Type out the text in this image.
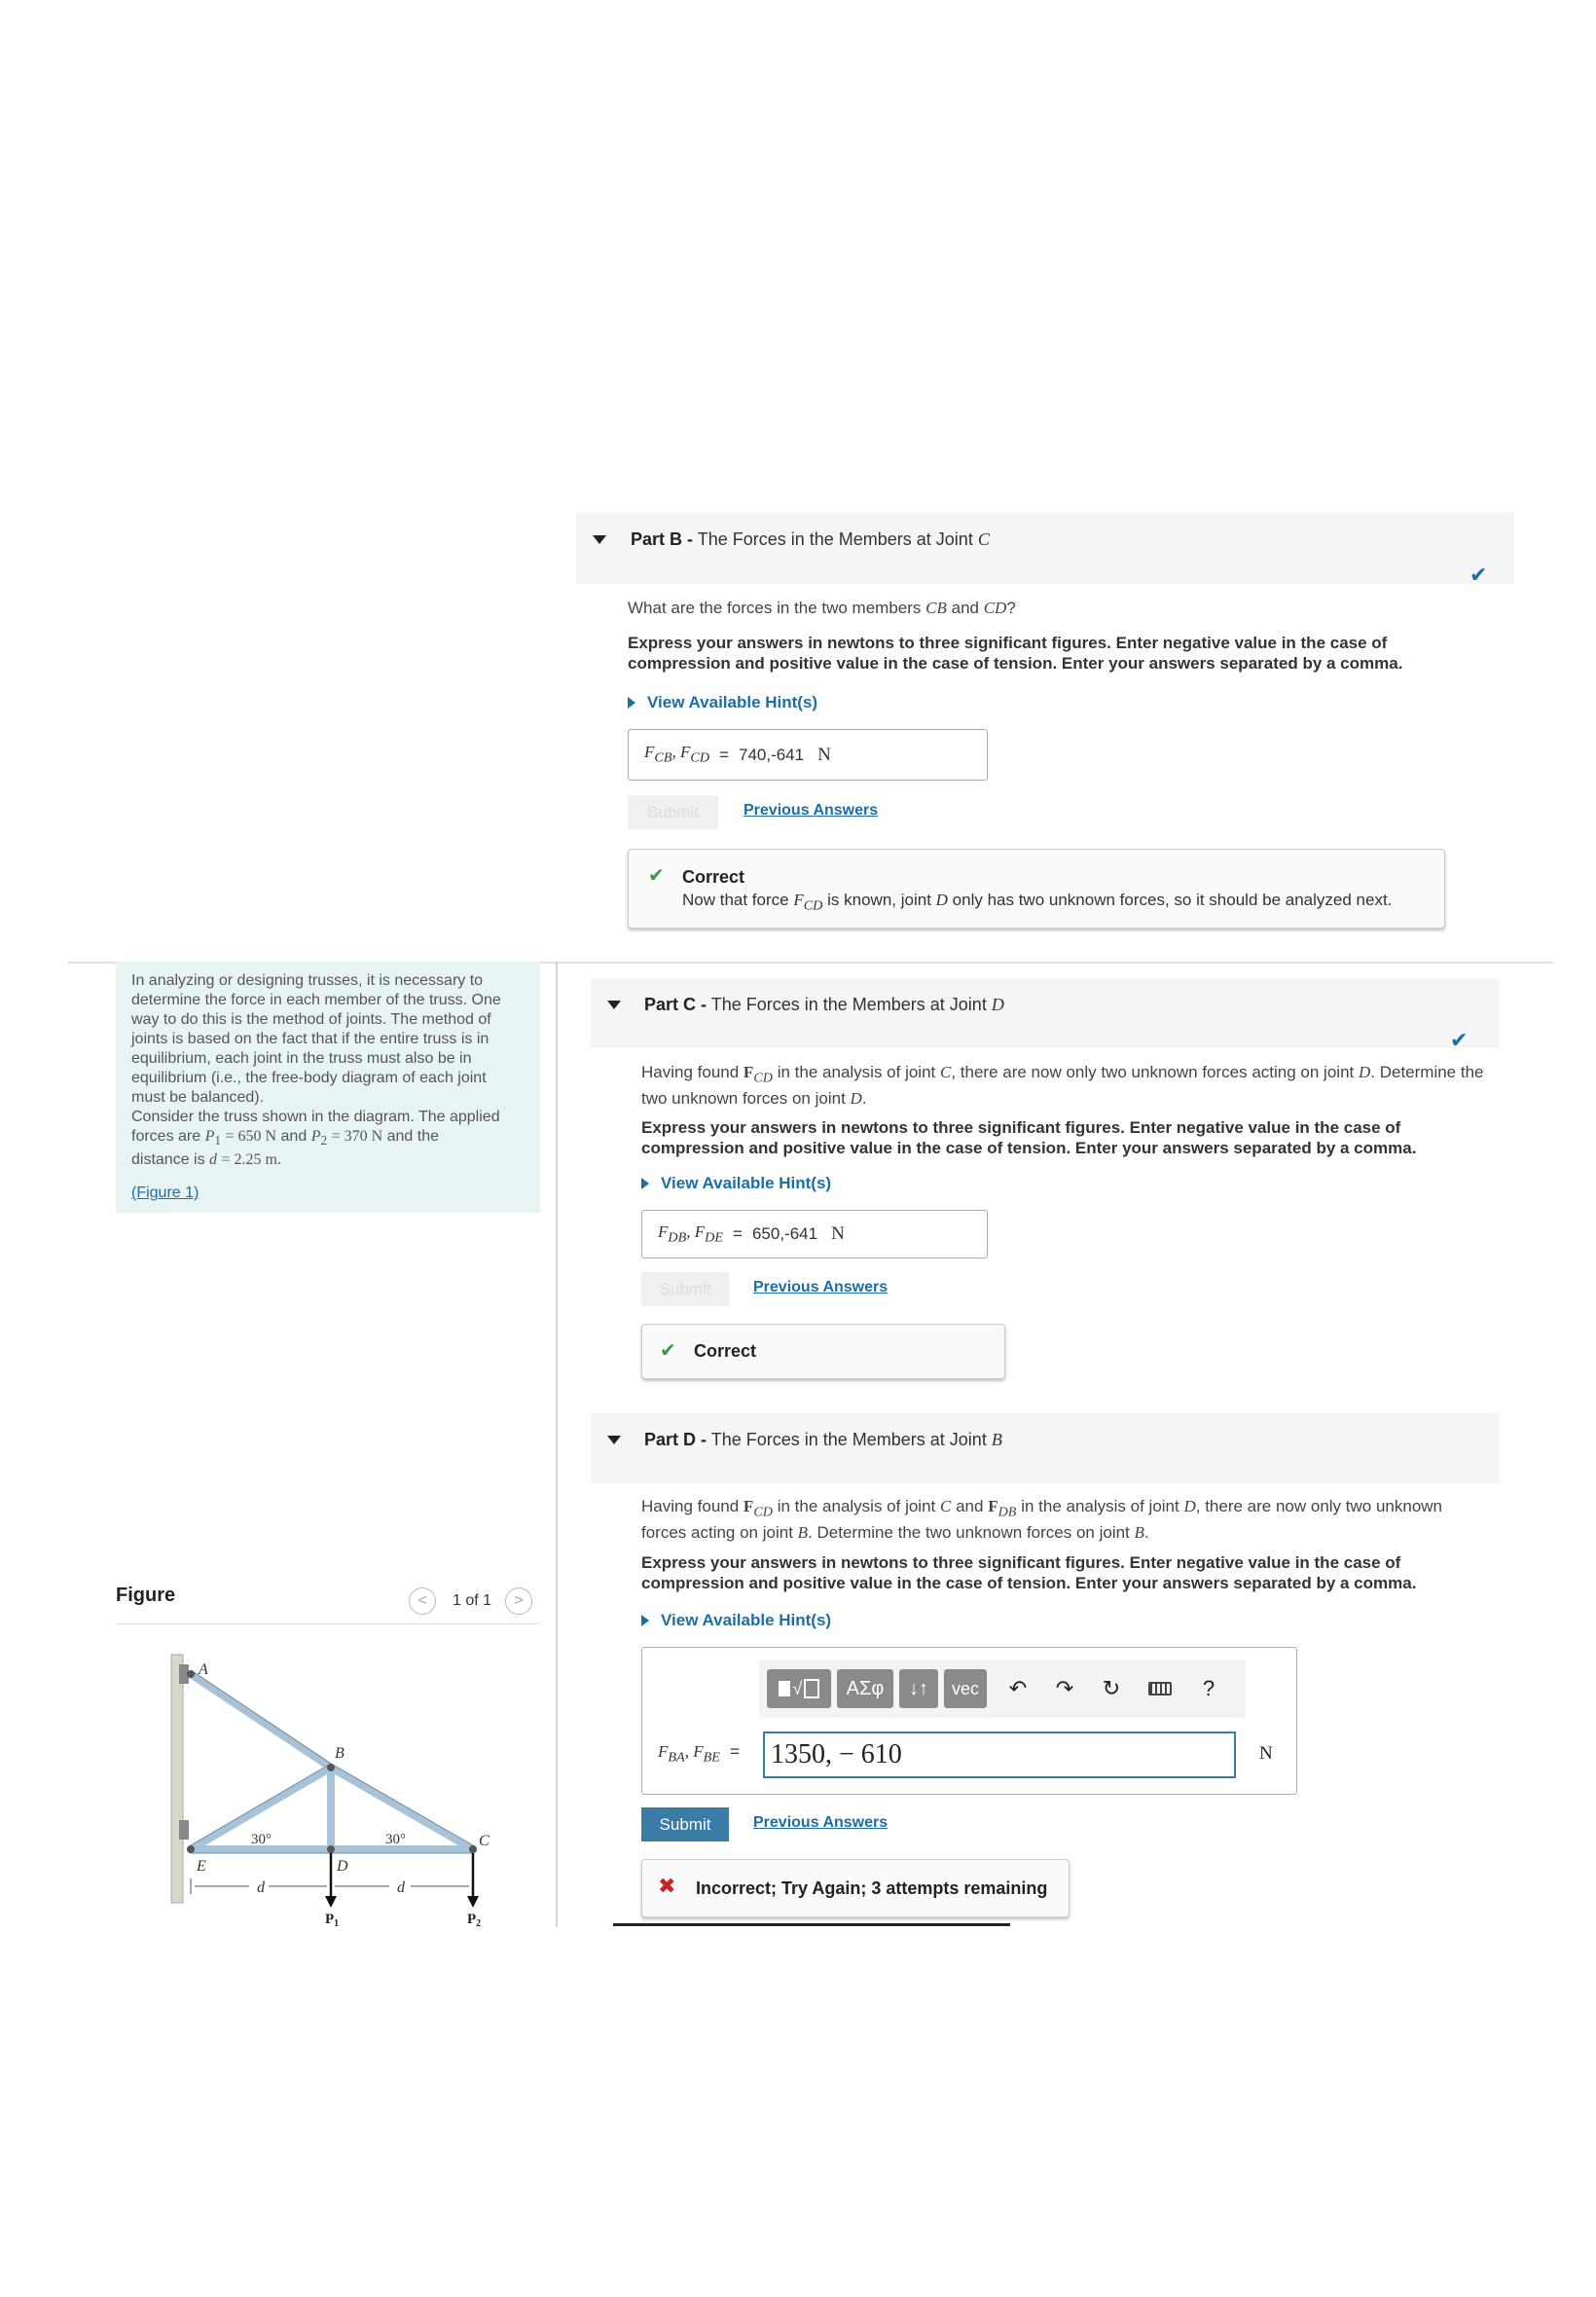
Part B - The Forces in the Members at Joint C
✔
What are the forces in the two members CB and CD?
Express your answers in newtons to three significant figures. Enter negative value in the case of compression and positive value in the case of tension. Enter your answers separated by a comma.
View Available Hint(s)
$F_{CB}$, $F_{CD} = 740,-641$ N
Submit	Previous Answers
✔ Correct
Now that force $F_{CD}$ is known, joint D only has two unknown forces, so it should be analyzed next.
In analyzing or designing trusses, it is necessary to
determine the force in each member of the truss. One
way to do this is the method of joints. The method of
joints is based on the fact that if the entire truss is in
equilibrium, each joint in the truss must also be in
equilibrium (i.e., the free-body diagram of each joint
must be balanced).
Consider the truss shown in the diagram. The applied
forces are $P_1 = 650$ N and $P_2 = 370$ N and the
distance is d = 2.25 m.
(Figure 1)
Figure	<	1 of 1	>
A
B
C
D
E
d	d
30°	30°
$P_1$	$P_2$
Part C - The Forces in the Members at Joint D
✔
Having found $F_{CD}$ in the analysis of joint C, there are now only two unknown forces acting on joint D. Determine the
two unknown forces on joint D.
Express your answers in newtons to three significant figures. Enter negative value in the case of
compression and positive value in the case of tension. Enter your answers separated by a comma.
View Available Hint(s)
$F_{DB}$, $F_{DE} = 650,-641$ N
Submit	Previous Answers
✔ Correct
Part D - The Forces in the Members at Joint B
Having found $F_{CD}$ in the analysis of joint C and $F_{DB}$ in the analysis of joint D, there are now only two unknown
forces acting on joint B. Determine the two unknown forces on joint B.
Express your answers in newtons to three significant figures. Enter negative value in the case of
compression and positive value in the case of tension. Enter your answers separated by a comma.
View Available Hint(s)
√	ΑΣφ	↓↑	vec	↶	↷	↻	?
$F_{BA}$, $F_{BE} = 1350$, − 610	N
Submit	Previous Answers
✖ Incorrect; Try Again; 3 attempts remaining
